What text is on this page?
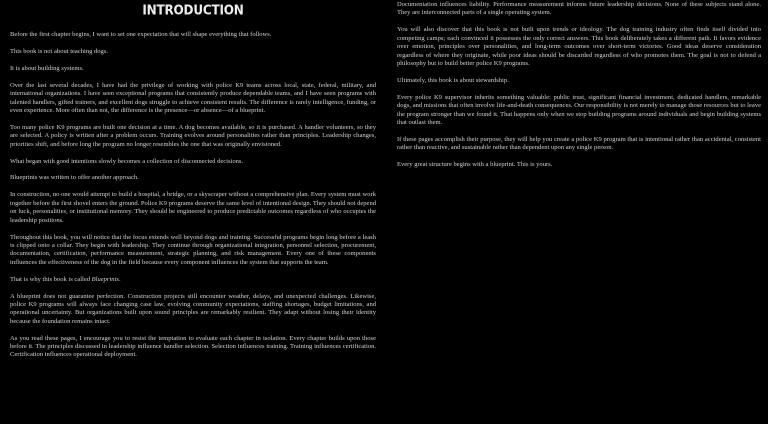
INTRODUCTION

Before the first chapter begins, I want to set one expectation that will shape everything that follows.

This book is not about teaching dogs.

It is about building systems.

Over the last several decades, I have had the privilege of working with police K9 teams across local, state, federal, military, and international organizations. I have seen exceptional programs that consistently produce dependable teams, and I have seen programs with talented handlers, gifted trainers, and excellent dogs struggle to achieve consistent results. The difference is rarely intelligence, funding, or even experience. More often than not, the difference is the presence—or absence—of a blueprint.

Too many police K9 programs are built one decision at a time. A dog becomes available, so it is purchased. A handler volunteers, so they are selected. A policy is written after a problem occurs. Training evolves around personalities rather than principles. Leadership changes, priorities shift, and before long the program no longer resembles the one that was originally envisioned.

What began with good intentions slowly becomes a collection of disconnected decisions.

Blueprints was written to offer another approach.

In construction, no one would attempt to build a hospital, a bridge, or a skyscraper without a comprehensive plan. Every system must work together before the first shovel enters the ground. Police K9 programs deserve the same level of intentional design. They should not depend on luck, personalities, or institutional memory. They should be engineered to produce predictable outcomes regardless of who occupies the leadership positions.

Throughout this book, you will notice that the focus extends well beyond dogs and training. Successful programs begin long before a leash is clipped onto a collar. They begin with leadership. They continue through organizational integration, personnel selection, procurement, documentation, certification, performance measurement, strategic planning, and risk management. Every one of these components influences the effectiveness of the dog in the field because every component influences the system that supports the team.

That is why this book is called Blueprints.

A blueprint does not guarantee perfection. Construction projects still encounter weather, delays, and unexpected challenges. Likewise, police K9 programs will always face changing case law, evolving community expectations, staffing shortages, budget limitations, and operational uncertainty. But organizations built upon sound principles are remarkably resilient. They adapt without losing their identity because the foundation remains intact.

As you read these pages, I encourage you to resist the temptation to evaluate each chapter in isolation. Every chapter builds upon those before it. The principles discussed in leadership influence handler selection. Selection influences training. Training influences certification. Certification influences operational deployment.

Documentation influences liability. Performance measurement informs future leadership decisions. None of these subjects stand alone. They are interconnected parts of a single operating system.

You will also discover that this book is not built upon trends or ideology. The dog training industry often finds itself divided into competing camps; each convinced it possesses the only correct answers. This book deliberately takes a different path. It favors evidence over emotion, principles over personalities, and long-term outcomes over short-term victories. Good ideas deserve consideration regardless of where they originate, while poor ideas should be discarded regardless of who promotes them. The goal is not to defend a philosophy but to build better police K9 programs.

Ultimately, this book is about stewardship.

Every police K9 supervisor inherits something valuable: public trust, significant financial investment, dedicated handlers, remarkable dogs, and missions that often involve life-and-death consequences. Our responsibility is not merely to manage those resources but to leave the program stronger than we found it. That happens only when we stop building programs around individuals and begin building systems that outlast them.

If these pages accomplish their purpose, they will help you create a police K9 program that is intentional rather than accidental, consistent rather than reactive, and sustainable rather than dependent upon any single person.

Every great structure begins with a blueprint. This is yours.
